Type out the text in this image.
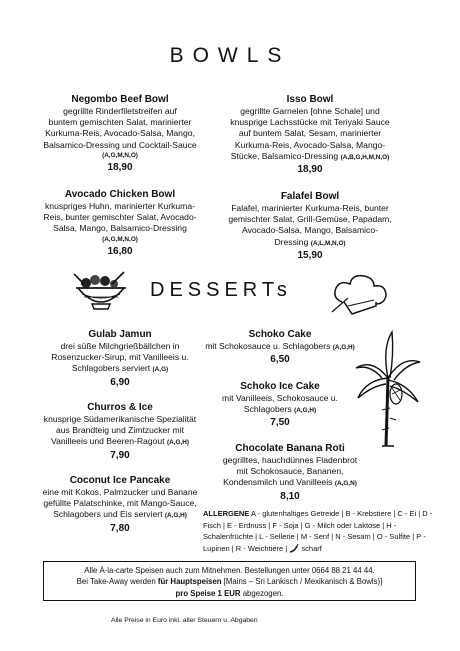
BOWLS
Negombo Beef Bowl
gegrillte Rinderfiletstreifen auf
buntem gemischten Salat, marinierter
Kurkuma-Reis, Avocado-Salsa, Mango,
Balsamico-Dressing und Cocktail-Sauce
(A,G,M,N,O)
18,90
Isso Bowl
gegrillte Garnelen [ohne Schale] und
knusprige Lachsstücke mit Teriyaki Sauce
auf buntem Salat, Sesam, marinierter
Kurkuma-Reis, Avocado-Salsa, Mango-
Stücke, Balsamico-Dressing (A,B,G,H,M,N,O)
18,90
Avocado Chicken Bowl
knuspriges Huhn, marinierter Kurkuma-
Reis, bunter gemischter Salat, Avocado-
Salsa, Mango, Balsamico-Dressing
(A,G,M,N,O)
16,80
Falafel Bowl
Falafel, marinierter Kurkuma-Reis, bunter
gemischter Salat, Grill-Gemüse, Papadam,
Avocado-Salsa, Mango, Balsamico-
Dressing (A,L,M,N,O)
15,90
DESSERTs
Gulab Jamun
drei süße Milchgrießbällchen in
Rosenzucker-Sirup, mit Vanilleeis u.
Schlagobers serviert (A,G)
6,90
Churros & Ice
knusprige Südamerikanische Spezialität
aus Brandteig und Zimtzucker mit
Vanilleeis und Beeren-Ragout (A,G,H)
7,90
Coconut Ice Pancake
eine mit Kokos, Palmzucker und Banane
gefüllte Palatschinke, mit Mango-Sauce,
Schlagobers und Eis serviert (A,G,H)
7,80
Schoko Cake
mit Schokosauce u. Schlagobers (A,G,H)
6,50
Schoko Ice Cake
mit Vanilleeis, Schokosauce u.
Schlagobers (A,G,H)
7,50
Chocolate Banana Roti
gegrilltes, hauchdünnes Fladenbrot
mit Schokosauce, Bananen,
Kondensmilch und Vanilleeis (A,G,N)
8,10
ALLERGENE A - glutenhaltiges Getreide | B - Krebstiere | C - Ei | D - Fisch | E - Erdnuss | F - Soja | G - Milch oder Laktose | H - Schalenfrüchte | L - Sellerie | M - Senf | N - Sesam | O - Sulfite | P - Lupinen | R - Weichtiere | scharf
Alle À-la-carte Speisen auch zum Mitnehmen. Bestellungen unter 0664 88 21 44 44.
Bei Take-Away werden für Hauptspeisen [Mains – Sri Lankisch / Mexikanisch & Bowls)]
pro Speise 1 EUR abgezogen.
Alle Preise in Euro inkl. aller Steuern u. Abgaben
